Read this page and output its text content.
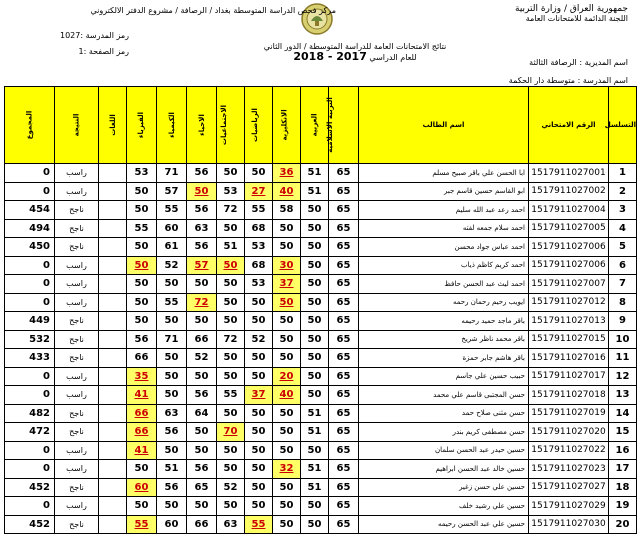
جمهورية العراق / وزارة التربية
اللجنة الدائمة للامتحانات العامة
مركز فحص الدراسة المتوسطة بغداد / الرصافة / مشروع الدفتر الالكتروني
رمز المدرسة :1027
رمز الصفحة :1
نتائج الامتحانات العامة للدراسة المتوسطة / الدور الثاني
للعام الدراسي 2017 - 2018	اسم المديرية : الرصافة الثالثة
اسم المدرسة : متوسطة دار الحكمة
التسلسل	الرقم الامتحاني	اسم الطالب	التربية الاسلامية	العربية	الانكليزية	الرياضيات	الاجتماعيات	الاحياء	الكيمياء	الفيزياء	اللغات	النتيجة	المجموع
1	1517911027001	ابا الحسن علي باقر صبيح مسلم	65	51	36	50	50	56	71	53		راسب	0
2	1517911027002	ابو القاسم حسين قاسم جبر	65	51	40	27	53	50	57	50		راسب	0
3	1517911027004	احمد رعد عبد الله سليم	65	50	58	55	72	56	55	50		ناجح	454
4	1517911027005	احمد سلام جمعه لفته	65	50	50	68	50	63	60	55		ناجح	494
5	1517911027006	احمد عباس جواد محسن	65	50	50	53	51	56	61	50		ناجح	450
6	1517911027006	احمد كريم كاظم ذياب	65	50	30	68	50	57	52	50		راسب	0
7	1517911027007	احمد ليث عبد الحسن حافظ	65	50	37	53	50	50	50	50		راسب	0
8	1517911027012	ايويب رحيم رحمان رحمه	65	50	50	50	50	72	55	50		راسب	0
9	1517911027013	باقر ماجد حميد رحيمه	65	50	50	50	50	50	50	50		ناجح	449
10	1517911027015	باقر محمد ناظر شريخ	65	50	50	52	72	66	71	56		ناجح	532
11	1517911027016	باقر هاشم جابر حمزة	65	50	50	50	50	52	50	66		ناجح	433
12	1517911027017	حبيب حسين علي جاسم	65	50	20	50	50	50	50	35		راسب	0
13	1517911027018	حسن المجتبى قاسم علي محمد	65	50	40	37	55	56	50	41		راسب	0
14	1517911027019	حسن مثنى صلاح حمد	65	51	50	50	50	64	63	66		ناجح	482
15	1517911027020	حسن مصطفى كريم بندر	65	51	50	50	70	50	56	66		ناجح	472
16	1517911027022	حسين حيدر عبد الحسن سلمان	65	50	50	50	50	50	50	41		راسب	0
17	1517911027023	حسين خالد عبد الحسن ابراهيم	65	51	32	50	50	56	51	50		راسب	0
18	1517911027027	حسين علي حسن زغير	65	51	50	50	52	65	56	60		ناجح	452
19	1517911027029	حسين علي رشيد خلف	65	50	50	50	50	50	50	50		راسب	0
20	1517911027030	حسين علي عبد الحسن رحيمه	65	50	50	55	63	66	60	55		ناجح	452
